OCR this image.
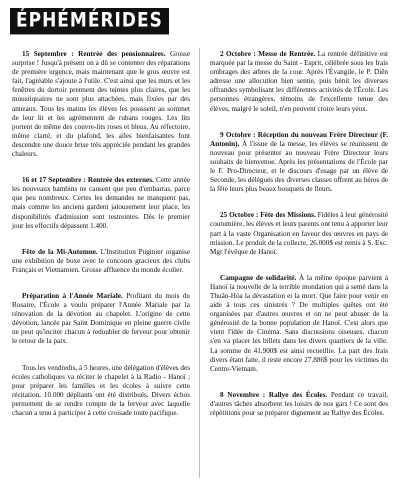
ÉPHÉMÉRIDES

15 Septembre : Rentrée des pensionnaires. Grosse surprise ! Jusqu'à présent on a dû se contenter des réparations de première urgence, mais maintenant que le gros œuvre est fait, l'agréable s'ajoute à l'utile. C'est ainsi que les murs et les fenêtres du dortoir prennent des teintes plus claires, que les moustiquaires ne sont plus attachées, mais fixées par des anneaux. Tous les matins les élèves les poussent au sommet de leur lit et les agrémentent de rubans rouges. Les lits portent de même des couvre-lits roses et bleus. Au réfectoire, même clarté, et du plafond, les ailes bienfaisantes font descendre une douce brise très appréciée pendant les grandes chaleurs.

16 et 17 Septembre : Rentrée des externes. Cette année les nouveaux bambins ne causent que peu d'embarras, parce que peu nombreux. Certes les demandes ne manquent pas, mais comme les anciens gardent jalousement leur place, les disponibilités d'admission sont restreintes. Dès le premier jour les effectifs dépassent 1.400.

Fête de la Mi-Automne. L'Institution Puginier organise une exhibition de boxe avec le concours gracieux des clubs Français et Vietnamien. Grosse affluence du monde écolier.

Préparation à l'Année Mariale. Profitant du mois du Rosaire, l'École a voulu préparer l'Année Mariale par la rénovation de la dévotion au chapelet. L'origine de cette dévotion, lancée par Saint Dominique en pleine guerre civile ne peut qu'inciter chacun à redoubler de ferveur pour obtenir le retour de la paix.

Tous les vendredis, à 5 heures, une délégation d'élèves des écoles catholiques va réciter le chapelet à la Radio - Hanoï ; pour préparer les familles et les écoles à suivre cette récitation, 10.000 dépliants ont été distribués. Divers échos permettent de se rendre compte de la ferveur avec laquelle chacun a tenu à participer à cette croisade toute pacifique.

2 Octobre : Messe de Rentrée. La rentrée définitive est marquée par la messe du Saint - Esprit, célébrée sous les frais ombrages des arbres de la cour. Après l'Évangile, le P. Diên adresse une allocution bien sentie, puis bénit les diverses offrandes symbolisant les différentes activités de l'École. Les personnes étrangères, témoins de l'excellente tenue des élèves, malgré le soleil, n'en peuvent croire leurs yeux.

9 Octobre : Réception du nouveau Frère Directeur (F. Antonin). À l'issue de la messe, les élèves se réunissent de nouveau pour présenter au nouveau Frère Directeur leurs souhaits de bienvenue. Après les présentations de l'École par le F. Pro-Directeur, et le discours d'usage par un élève de Seconde, les délégués des diverses classes offrent au héros de la fête leurs plus beaux bouquets de fleurs.

25 Octobre : Fête des Missions. Fidèles à leur générosité coutumière, les élèves et leurs parents ont tenu à apporter leur part à la vaste Organisation en faveur des œuvres en pays de mission. Le produit de la collecte, 26.000$ est remis à S. Exc. Mgr l'évêque de Hanoï.

Campagne de solidarité. À la même époque parvient à Hanoï la nouvelle de la terrible inondation qui a semé dans la Thuân-Hóa la dévastation et la mort. Que faire pour venir en aide à tous ces sinistrés ? De multiples quêtes ont été organisées par d'autres œuvres et on ne peut abuser de la générosité de la bonne population de Hanoï. C'est alors que vient l'idée de Cinéma. Sans discussions oiseuses, chacun s'en va placer les billets dans les divers quartiers de la ville. La somme de 41.900$ est ainsi recueillie. La part des frais divers étant faite, il reste encore 27.886$ pour les victimes du Centre-Vietnam.

8 Novembre : Rallye des Écoles. Pendant ce travail, d'autres tâches absorbent les loisirs de nos gars ! Ce sont des répétitions pour se préparer dignement au Rallye des Écoles.
